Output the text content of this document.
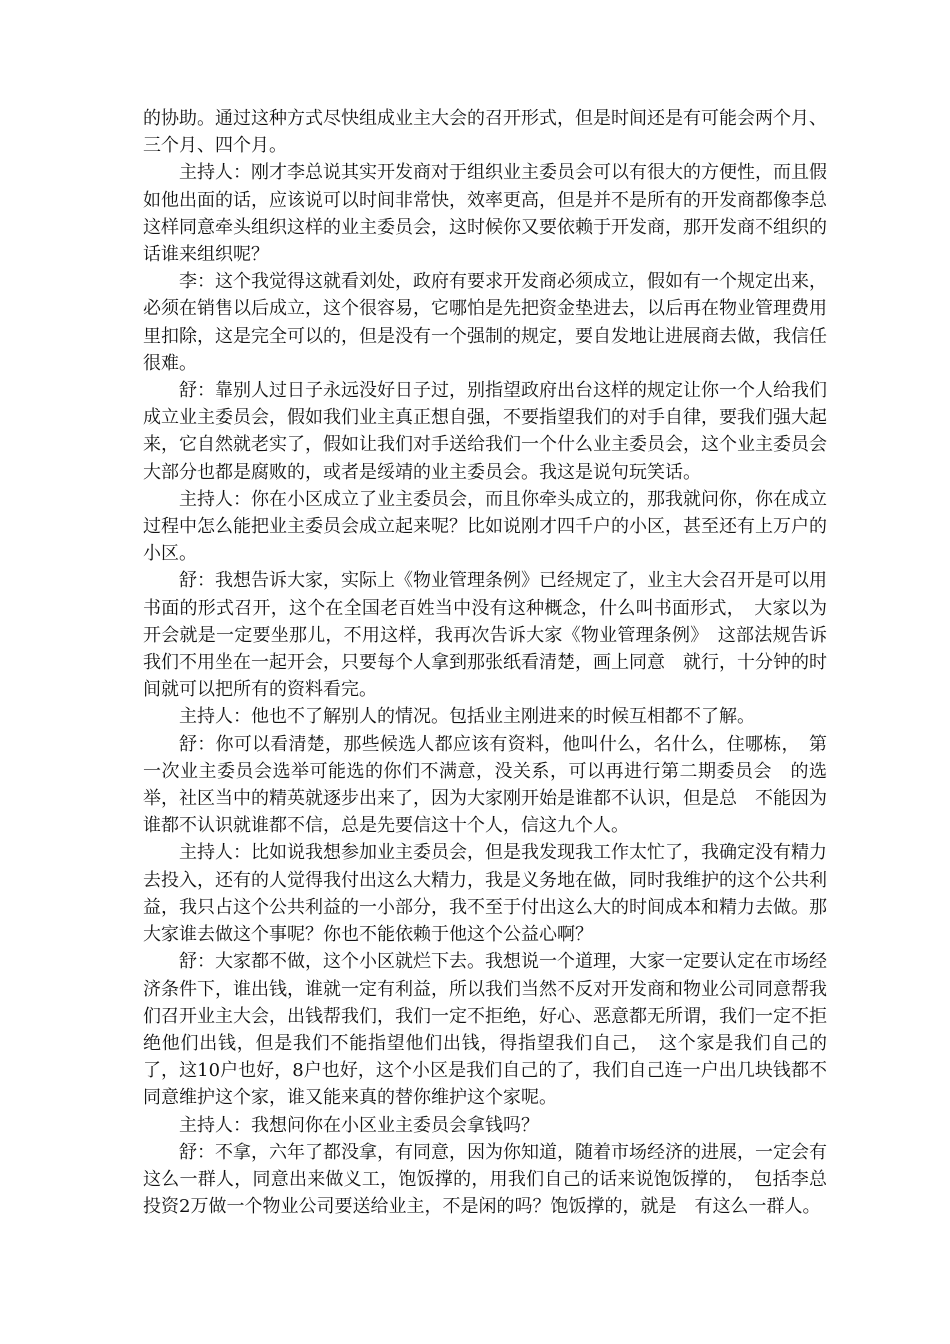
的协助。通过这种方式尽快组成业主大会的召开形式，但是时间还是有可能会两个月、三个月、四个月。

主持人：刚才李总说其实开发商对于组织业主委员会可以有很大的方便性，而且假如他出面的话，应该说可以时间非常快，效率更高，但是并不是所有的开发商都像李总这样同意牵头组织这样的业主委员会，这时候你又要依赖于开发商，那开发商不组织的话谁来组织呢？

李：这个我觉得这就看刘处，政府有要求开发商必须成立，假如有一个规定出来，必须在销售以后成立，这个很容易，它哪怕是先把资金垫进去，以后再在物业管理费用里扣除，这是完全可以的，但是没有一个强制的规定，要自发地让进展商去做，我信任很难。

舒：靠别人过日子永远没好日子过，别指望政府出台这样的规定让你一个人给我们成立业主委员会，假如我们业主真正想自强，不要指望我们的对手自律，要我们强大起来，它自然就老实了，假如让我们对手送给我们一个什么业主委员会，这个业主委员会大部分也都是腐败的，或者是绥靖的业主委员会。我这是说句玩笑话。

主持人：你在小区成立了业主委员会，而且你牵头成立的，那我就问你，你在成立过程中怎么能把业主委员会成立起来呢？比如说刚才四千户的小区，甚至还有上万户的小区。

舒：我想告诉大家，实际上《物业管理条例》已经规定了，业主大会召开是可以用书面的形式召开，这个在全国老百姓当中没有这种概念，什么叫书面形式，　大家以为开会就是一定要坐那儿，不用这样，我再次告诉大家《物业管理条例》　这部法规告诉我们不用坐在一起开会，只要每个人拿到那张纸看清楚，画上同意　就行，十分钟的时间就可以把所有的资料看完。

主持人：他也不了解别人的情况。包括业主刚进来的时候互相都不了解。

舒：你可以看清楚，那些候选人都应该有资料，他叫什么，名什么，住哪栋，　第一次业主委员会选举可能选的你们不满意，没关系，可以再进行第二期委员会　的选举，社区当中的精英就逐步出来了，因为大家刚开始是谁都不认识，但是总　不能因为谁都不认识就谁都不信，总是先要信这十个人，信这九个人。

主持人：比如说我想参加业主委员会，但是我发现我工作太忙了，我确定没有精力去投入，还有的人觉得我付出这么大精力，我是义务地在做，同时我维护的这个公共利益，我只占这个公共利益的一小部分，我不至于付出这么大的时间成本和精力去做。那大家谁去做这个事呢？你也不能依赖于他这个公益心啊？

舒：大家都不做，这个小区就烂下去。我想说一个道理，大家一定要认定在市场经济条件下，谁出钱，谁就一定有利益，所以我们当然不反对开发商和物业公司同意帮我们召开业主大会，出钱帮我们，我们一定不拒绝，好心、恶意都无所谓，我们一定不拒绝他们出钱，但是我们不能指望他们出钱，得指望我们自己，　这个家是我们自己的了，这10户也好，8户也好，这个小区是我们自己的了，我们自己连一户出几块钱都不同意维护这个家，谁又能来真的替你维护这个家呢。

主持人：我想问你在小区业主委员会拿钱吗？

舒：不拿，六年了都没拿，有同意，因为你知道，随着市场经济的进展，一定会有这么一群人，同意出来做义工，饱饭撑的，用我们自己的话来说饱饭撑的，　包括李总投资2万做一个物业公司要送给业主，不是闲的吗？饱饭撑的，就是　有这么一群人。
